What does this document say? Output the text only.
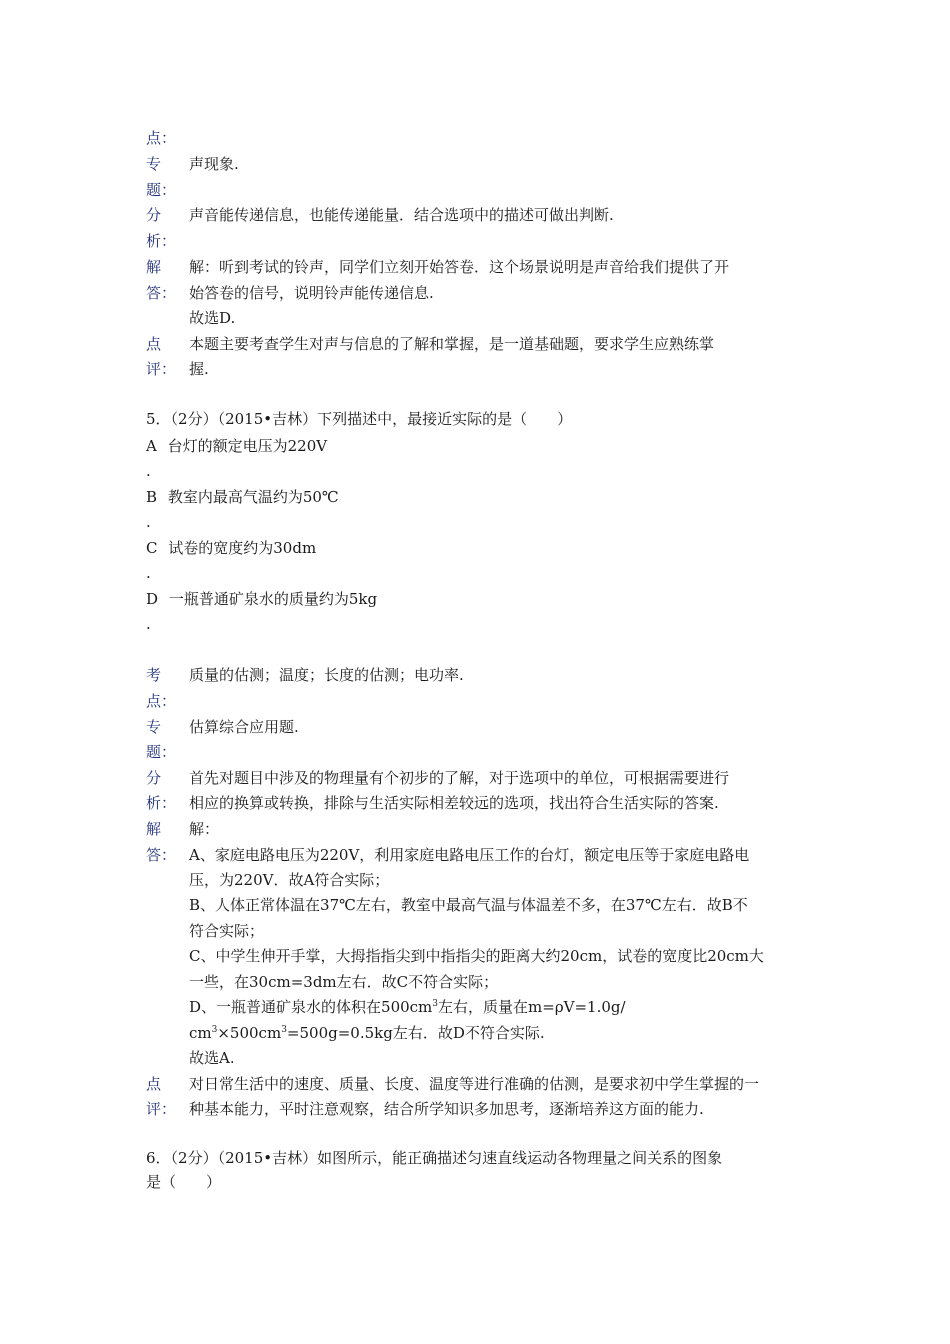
点：
专 声现象.
题：
分 声音能传递信息，也能传递能量．结合选项中的描述可做出判断.
析：
解 解：听到考试的铃声，同学们立刻开始答卷．这个场景说明是声音给我们提供了开
答： 始答卷的信号，说明铃声能传递信息.
故选D.
点 本题主要考查学生对声与信息的了解和掌握，是一道基础题，要求学生应熟练掌
评： 握.
5．（2分）（2015•吉林）下列描述中，最接近实际的是（　　）
A 台灯的额定电压为220V
.
B 教室内最高气温约为50℃
.
C 试卷的宽度约为30dm
.
D 一瓶普通矿泉水的质量约为5kg
.
考 质量的估测；温度；长度的估测；电功率.
点：
专 估算综合应用题.
题：
分 首先对题目中涉及的物理量有个初步的了解，对于选项中的单位，可根据需要进行
析： 相应的换算或转换，排除与生活实际相差较远的选项，找出符合生活实际的答案.
解 解：
答： A、家庭电路电压为220V，利用家庭电路电压工作的台灯，额定电压等于家庭电路电
压，为220V．故A符合实际；
B、人体正常体温在37℃左右，教室中最高气温与体温差不多，在37℃左右．故B不
符合实际；
C、中学生伸开手掌，大拇指指尖到中指指尖的距离大约20cm，试卷的宽度比20cm大
一些，在30cm=3dm左右．故C不符合实际；
D、一瓶普通矿泉水的体积在$500cm^3$左右，质量在m=ρV=1.0g/
$cm^3\times 500cm^3=500g=0.5kg$左右．故D不符合实际.
故选A.
点 对日常生活中的速度、质量、长度、温度等进行准确的估测，是要求初中学生掌握的一
评： 种基本能力，平时注意观察，结合所学知识多加思考，逐渐培养这方面的能力.
6．（2分）（2015•吉林）如图所示，能正确描述匀速直线运动各物理量之间关系的图象
是（　　）
